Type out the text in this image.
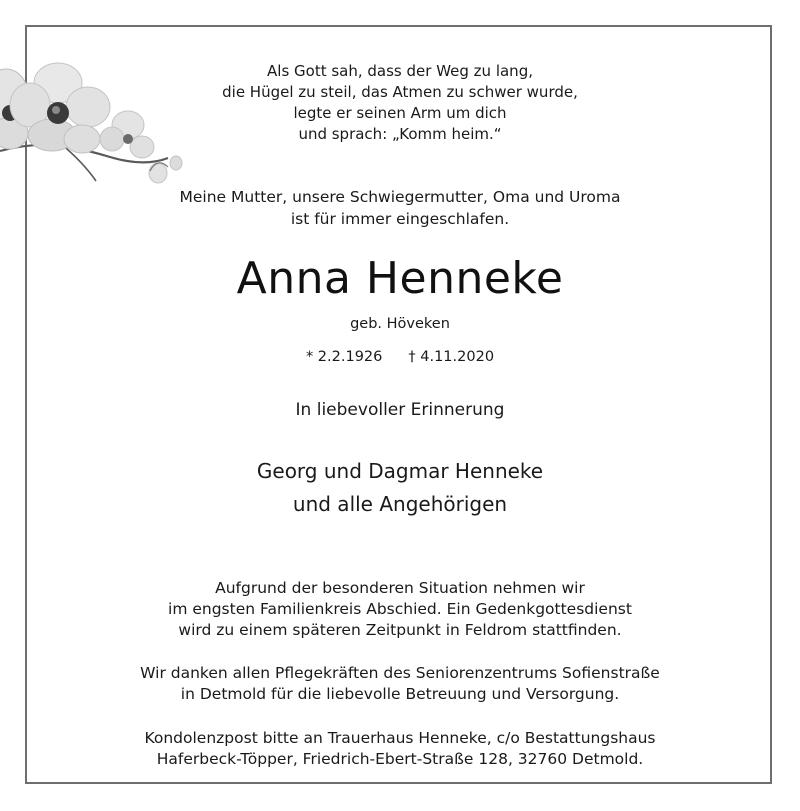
Als Gott sah, dass der Weg zu lang,
die Hügel zu steil, das Atmen zu schwer wurde,
legte er seinen Arm um dich
und sprach: „Komm heim.“
Meine Mutter, unsere Schwiegermutter, Oma und Uroma
ist für immer eingeschlafen.
Anna Henneke
geb. Höveken
* 2.2.1926 † 4.11.2020
In liebevoller Erinnerung
Georg und Dagmar Henneke
und alle Angehörigen
Aufgrund der besonderen Situation nehmen wir
im engsten Familienkreis Abschied. Ein Gedenkgottesdienst
wird zu einem späteren Zeitpunkt in Feldrom stattfinden.
Wir danken allen Pflegekräften des Seniorenzentrums Sofienstraße
in Detmold für die liebevolle Betreuung und Versorgung.
Kondolenzpost bitte an Trauerhaus Henneke, c/o Bestattungshaus
Haferbeck-Töpper, Friedrich-Ebert-Straße 128, 32760 Detmold.
